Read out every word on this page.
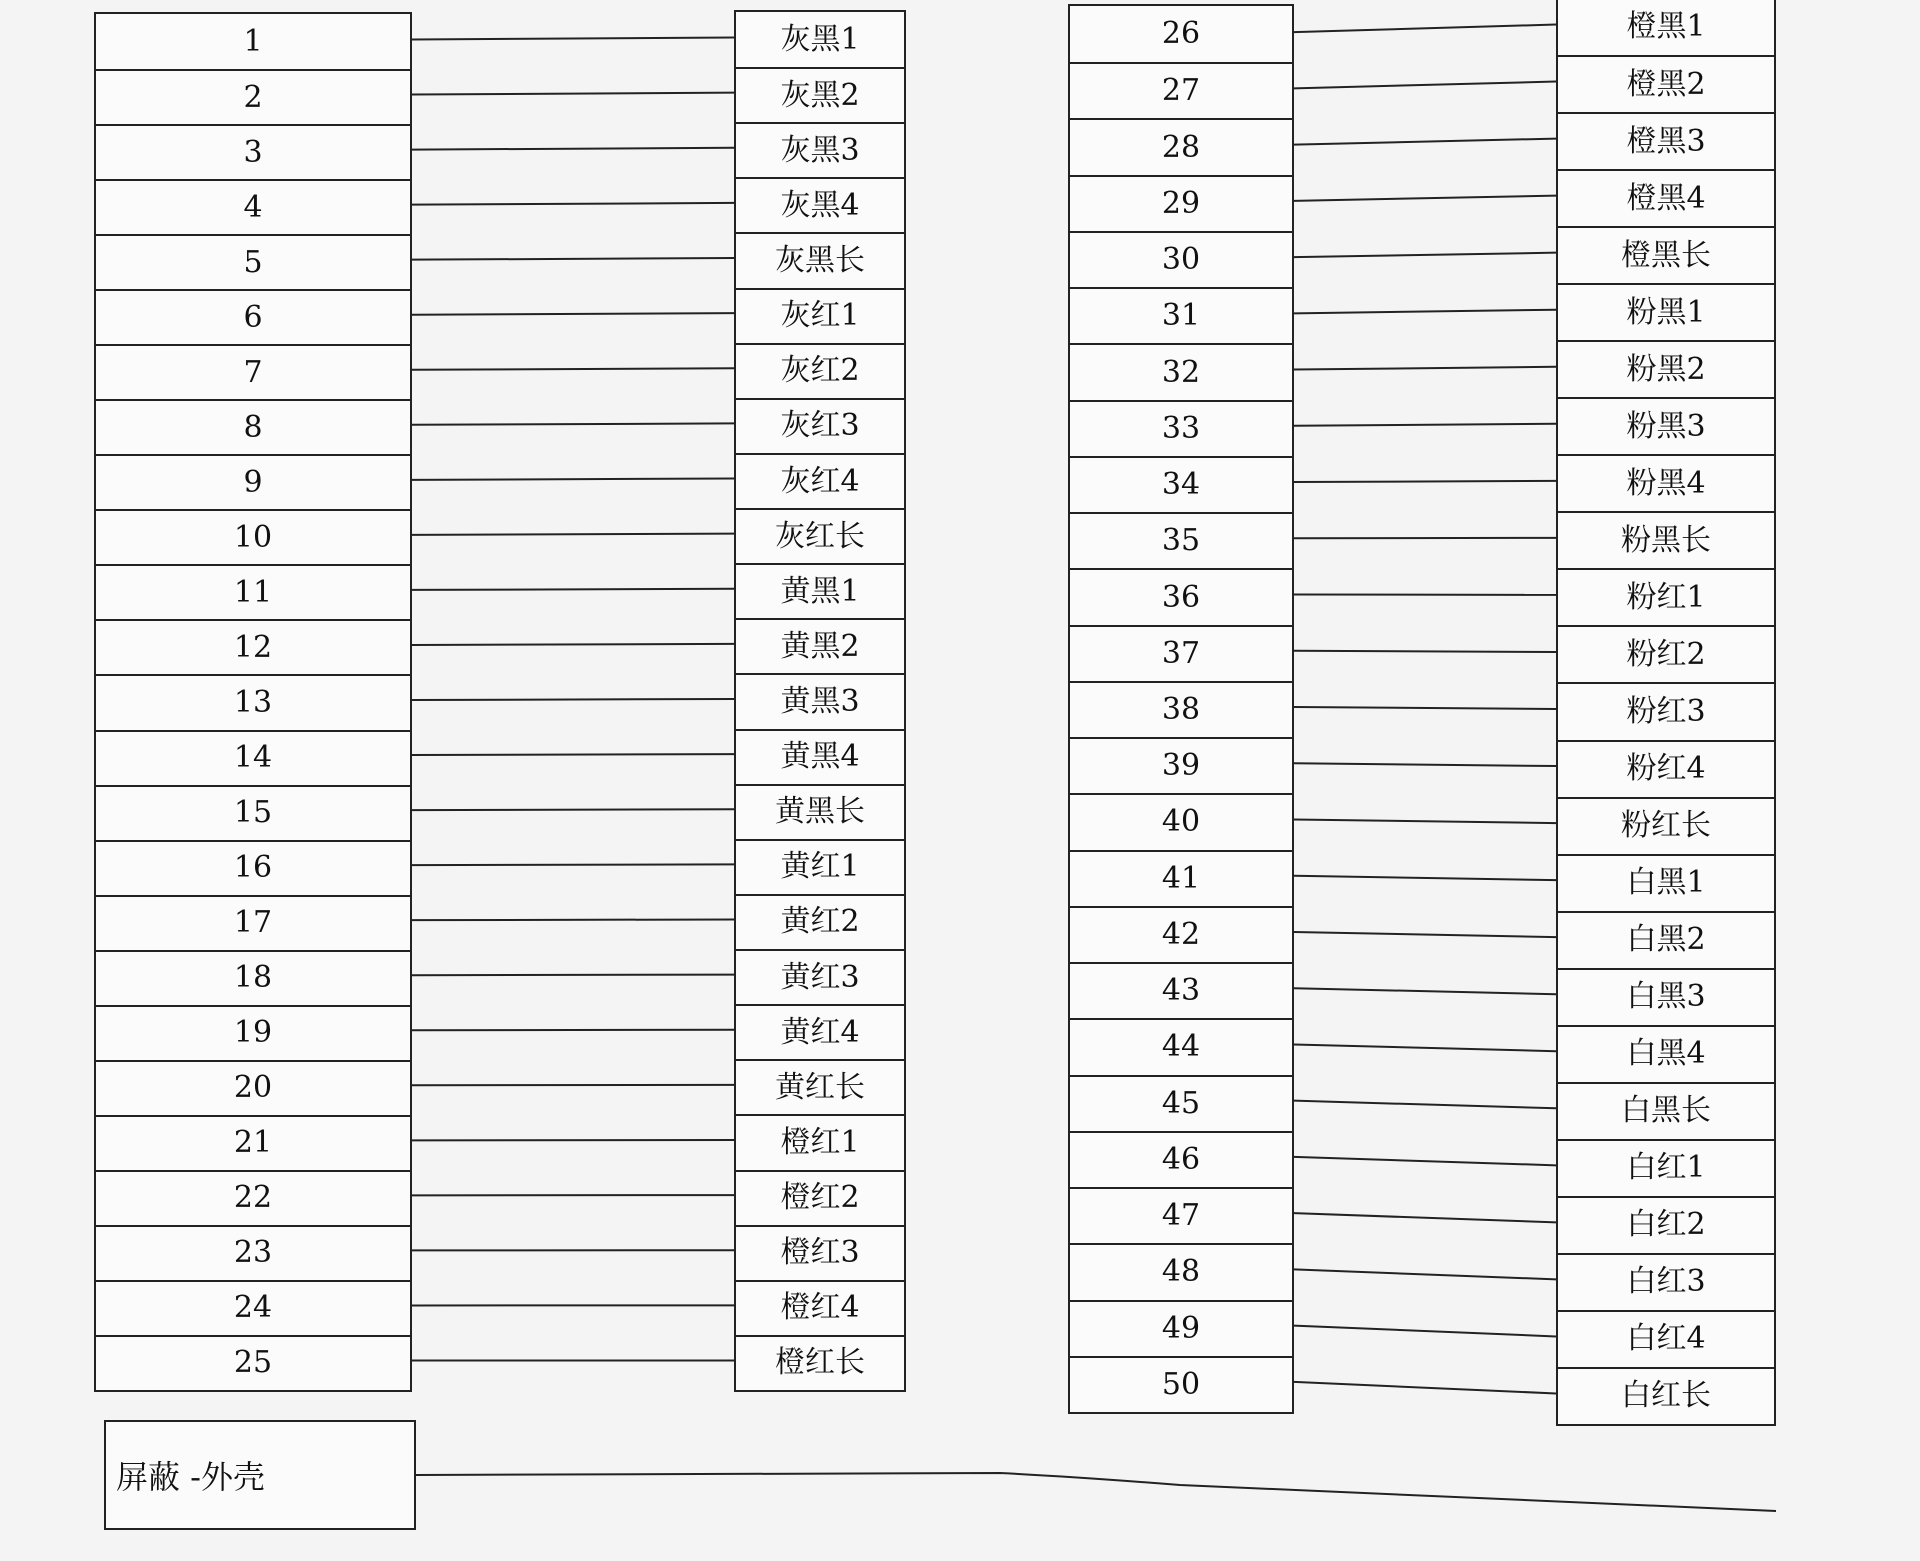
1
2
3
4
5
6
7
8
9
10
11
12
13
14
15
16
17
18
19
20
21
22
23
24
25
灰黑1
灰黑2
灰黑3
灰黑4
灰黑长
灰红1
灰红2
灰红3
灰红4
灰红长
黄黑1
黄黑2
黄黑3
黄黑4
黄黑长
黄红1
黄红2
黄红3
黄红4
黄红长
橙红1
橙红2
橙红3
橙红4
橙红长
26
27
28
29
30
31
32
33
34
35
36
37
38
39
40
41
42
43
44
45
46
47
48
49
50
橙黑1
橙黑2
橙黑3
橙黑4
橙黑长
粉黑1
粉黑2
粉黑3
粉黑4
粉黑长
粉红1
粉红2
粉红3
粉红4
粉红长
白黑1
白黑2
白黑3
白黑4
白黑长
白红1
白红2
白红3
白红4
白红长
屏蔽 -外壳
